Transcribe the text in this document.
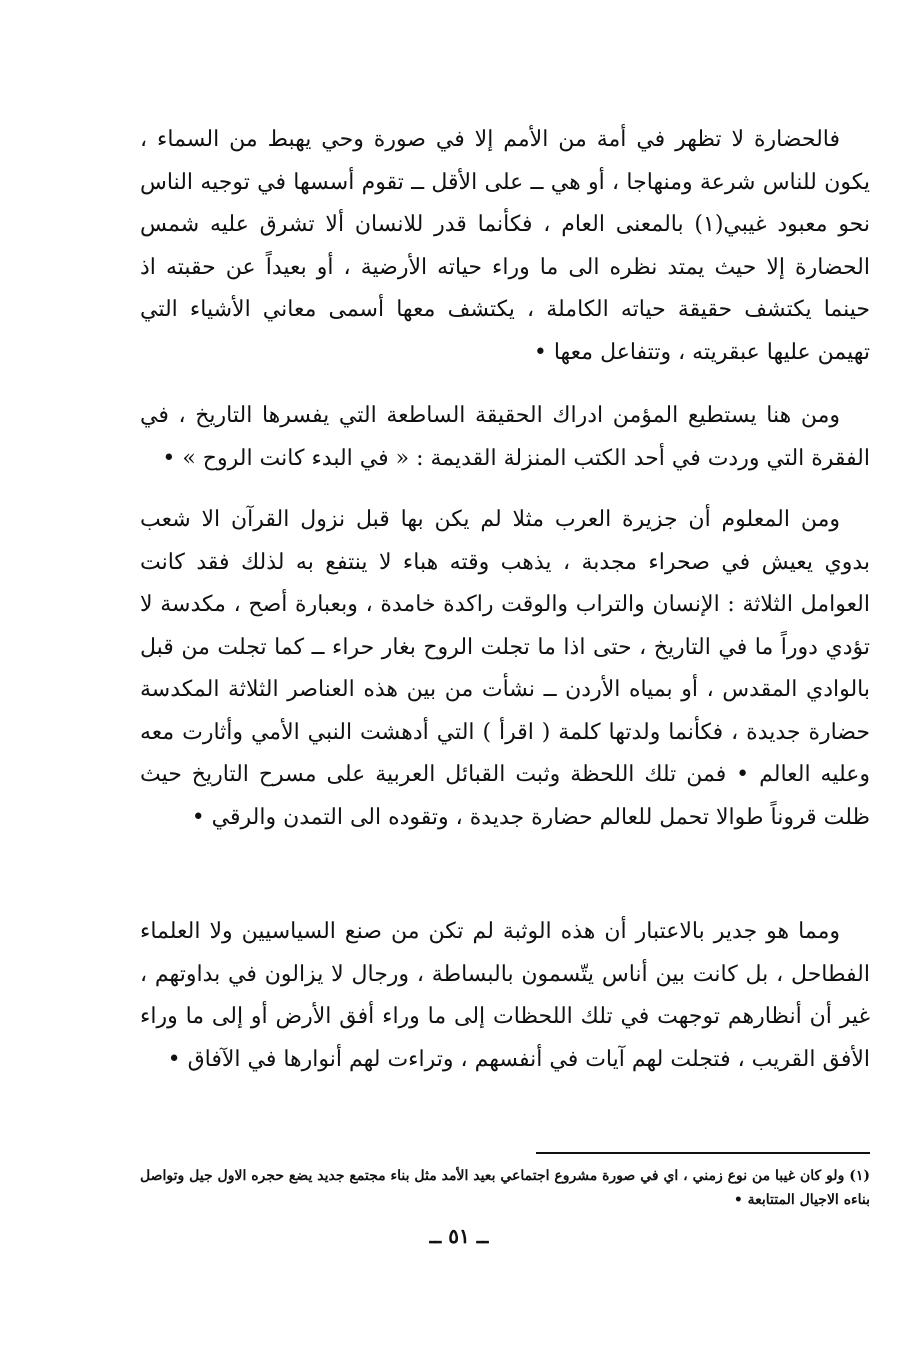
فالحضارة لا تظهر في أمة من الأمم إلا في صورة وحي يهبط من السماء ، يكون للناس شرعة ومنهاجا ، أو هي ــ على الأقل ــ تقوم أسسها في توجيه الناس نحو معبود غيبي(١) بالمعنى العام ، فكأنما قدر للانسان ألا تشرق عليه شمس الحضارة إلا حيث يمتد نظره الى ما وراء حياته الأرضية ، أو بعيداً عن حقبته اذ حينما يكتشف حقيقة حياته الكاملة ، يكتشف معها أسمى معاني الأشياء التي تهيمن عليها عبقريته ، وتتفاعل معها •

ومن هنا يستطيع المؤمن ادراك الحقيقة الساطعة التي يفسرها التاريخ ، في الفقرة التي وردت في أحد الكتب المنزلة القديمة : « في البدء كانت الروح » •

ومن المعلوم أن جزيرة العرب مثلا لم يكن بها قبل نزول القرآن الا شعب بدوي يعيش في صحراء مجدبة ، يذهب وقته هباء لا ينتفع به لذلك فقد كانت العوامل الثلاثة : الإنسان والتراب والوقت راكدة خامدة ، وبعبارة أصح ، مكدسة لا تؤدي دوراً ما في التاريخ ، حتى اذا ما تجلت الروح بغار حراء ــ كما تجلت من قبل بالوادي المقدس ، أو بمياه الأردن ــ نشأت من بين هذه العناصر الثلاثة المكدسة حضارة جديدة ، فكأنما ولدتها كلمة ( اقرأ ) التي أدهشت النبي الأمي وأثارت معه وعليه العالم • فمن تلك اللحظة وثبت القبائل العربية على مسرح التاريخ حيث ظلت قروناً طوالا تحمل للعالم حضارة جديدة ، وتقوده الى التمدن والرقي •

ومما هو جدير بالاعتبار أن هذه الوثبة لم تكن من صنع السياسيين ولا العلماء الفطاحل ، بل كانت بين أناس يتّسمون بالبساطة ، ورجال لا يزالون في بداوتهم ، غير أن أنظارهم توجهت في تلك اللحظات إلى ما وراء أفق الأرض أو إلى ما وراء الأفق القريب ، فتجلت لهم آيات في أنفسهم ، وتراءت لهم أنوارها في الآفاق •

(١) ولو كان غيبا من نوع زمني ، اي في صورة مشروع اجتماعي بعيد الأمد مثل بناء مجتمع جديد يضع حجره الاول جيل وتواصل بناءه الاجيال المتتابعة •

ــ ٥١ ــ
